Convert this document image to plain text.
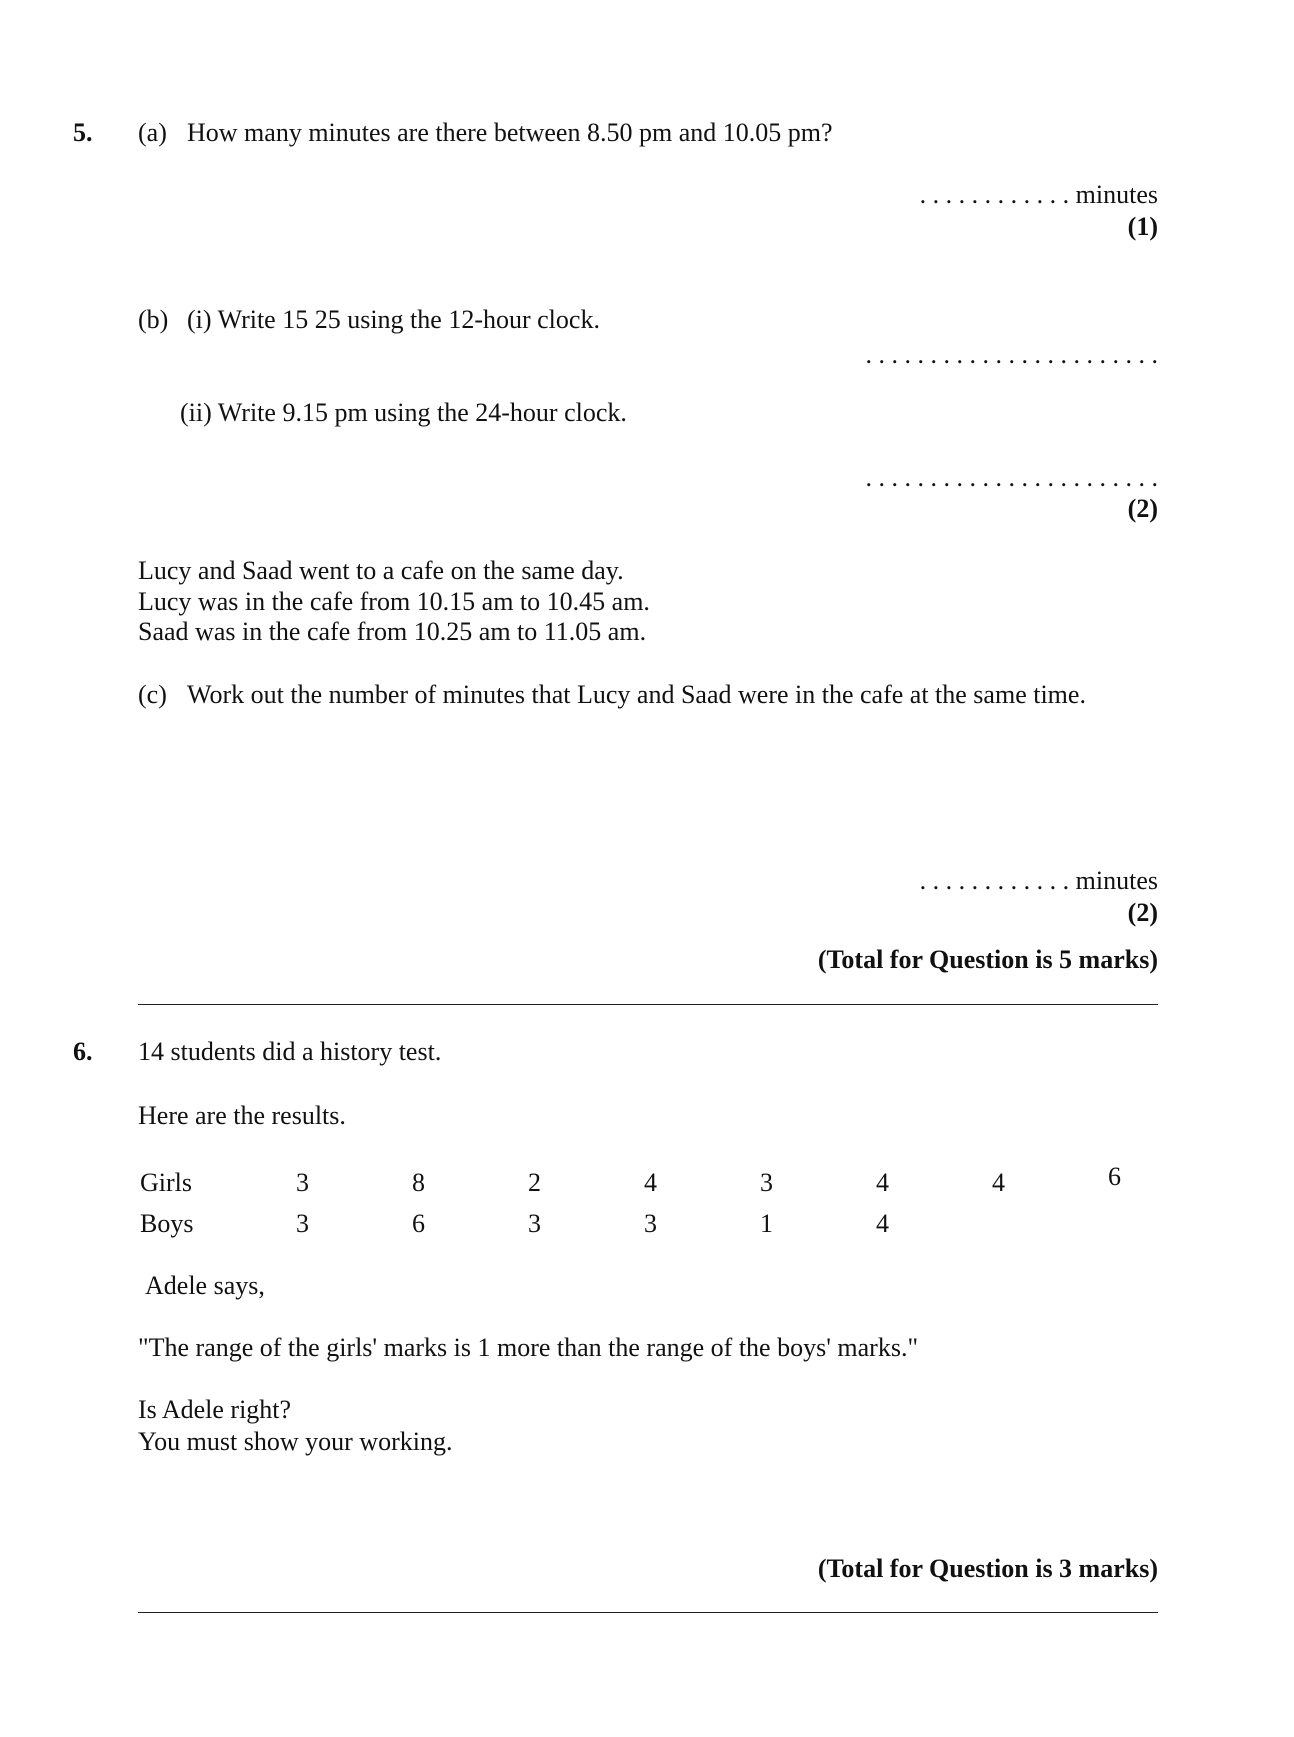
5. (a) How many minutes are there between 8.50 pm and 10.05 pm?
. . . . . . . . . . . . minutes
(1)
(b) (i) Write 15 25 using the 12-hour clock.
. . . . . . . . . . . . . . . . . . . . . . .
(ii) Write 9.15 pm using the 24-hour clock.
. . . . . . . . . . . . . . . . . . . . . . .
(2)
Lucy and Saad went to a cafe on the same day.
Lucy was in the cafe from 10.15 am to 10.45 am.
Saad was in the cafe from 10.25 am to 11.05 am.
(c) Work out the number of minutes that Lucy and Saad were in the cafe at the same time.
. . . . . . . . . . . . minutes
(2)
(Total for Question is 5 marks)
6. 14 students did a history test.
Here are the results.
Girls	3	8	2	4	3	4	4	6
Boys	3	6	3	3	1	4
Adele says,
"The range of the girls' marks is 1 more than the range of the boys' marks."
Is Adele right?
You must show your working.
(Total for Question is 3 marks)
